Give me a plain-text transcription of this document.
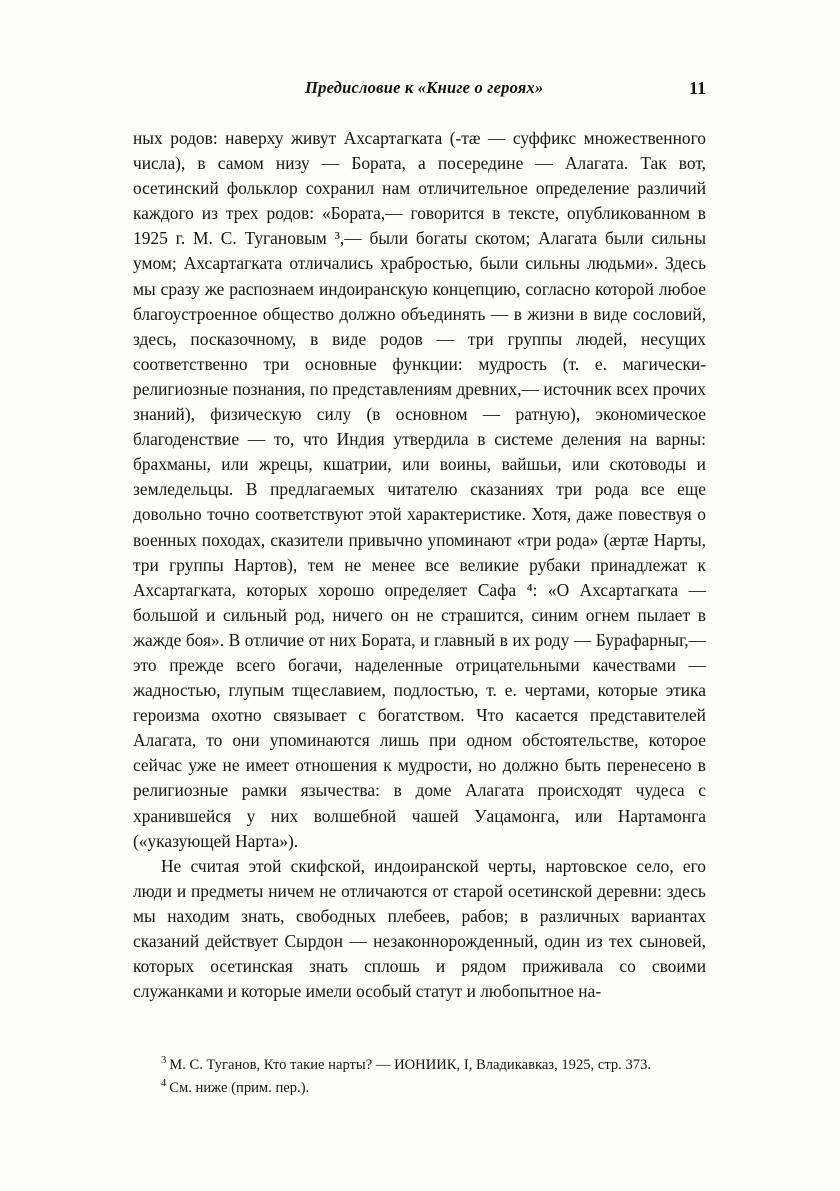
Предисловие к «Книге о героях»	11

ных родов: наверху живут Ахсартагката (-тæ — суффикс множественного числа), в самом низу — Бората, а посередине — Алагата. Так вот, осетинский фольклор сохранил нам отличительное определение различий каждого из трех родов: «Бората,— говорится в тексте, опубликованном в 1925 г. М. С. Тугановым ³,— были богаты скотом; Алагата были сильны умом; Ахсартагката отличались храбростью, были сильны людьми». Здесь мы сразу же распознаем индоиранскую концепцию, согласно которой любое благоустроенное общество должно объединять — в жизни в виде сословий, здесь, посказочному, в виде родов — три группы людей, несущих соответственно три основные функции: мудрость (т. е. магически-религиозные познания, по представлениям древних,— источник всех прочих знаний), физическую силу (в основном — ратную), экономическое благоденствие — то, что Индия утвердила в системе деления на варны: брахманы, или жрецы, кшатрии, или воины, вайшьи, или скотоводы и земледельцы. В предлагаемых читателю сказаниях три рода все еще довольно точно соответствуют этой характеристике. Хотя, даже повествуя о военных походах, сказители привычно упоминают «три рода» (æртæ Нарты, три группы Нартов), тем не менее все великие рубаки принадлежат к Ахсартагката, которых хорошо определяет Сафа ⁴: «О Ахсартагката — большой и сильный род, ничего он не страшится, синим огнем пылает в жажде боя». В отличие от них Бората, и главный в их роду — Бурафарныг,— это прежде всего богачи, наделенные отрицательными качествами — жадностью, глупым тщеславием, подлостью, т. е. чертами, которые этика героизма охотно связывает с богатством. Что касается представителей Алагата, то они упоминаются лишь при одном обстоятельстве, которое сейчас уже не имеет отношения к мудрости, но должно быть перенесено в религиозные рамки язычества: в доме Алагата происходят чудеса с хранившейся у них волшебной чашей Уацамонга, или Нартамонга («указующей Нарта»).

Не считая этой скифской, индоиранской черты, нартовское село, его люди и предметы ничем не отличаются от старой осетинской деревни: здесь мы находим знать, свободных плебеев, рабов; в различных вариантах сказаний действует Сырдон — незаконнорожденный, один из тех сыновей, которых осетинская знать сплошь и рядом приживала со своими служанками и которые имели особый статут и любопытное на-

$^3$ М. С. Туганов, Кто такие нарты? — ИОНИИК, I, Владикавказ, 1925, стр. 373.

$^4$ См. ниже (прим. пер.).
